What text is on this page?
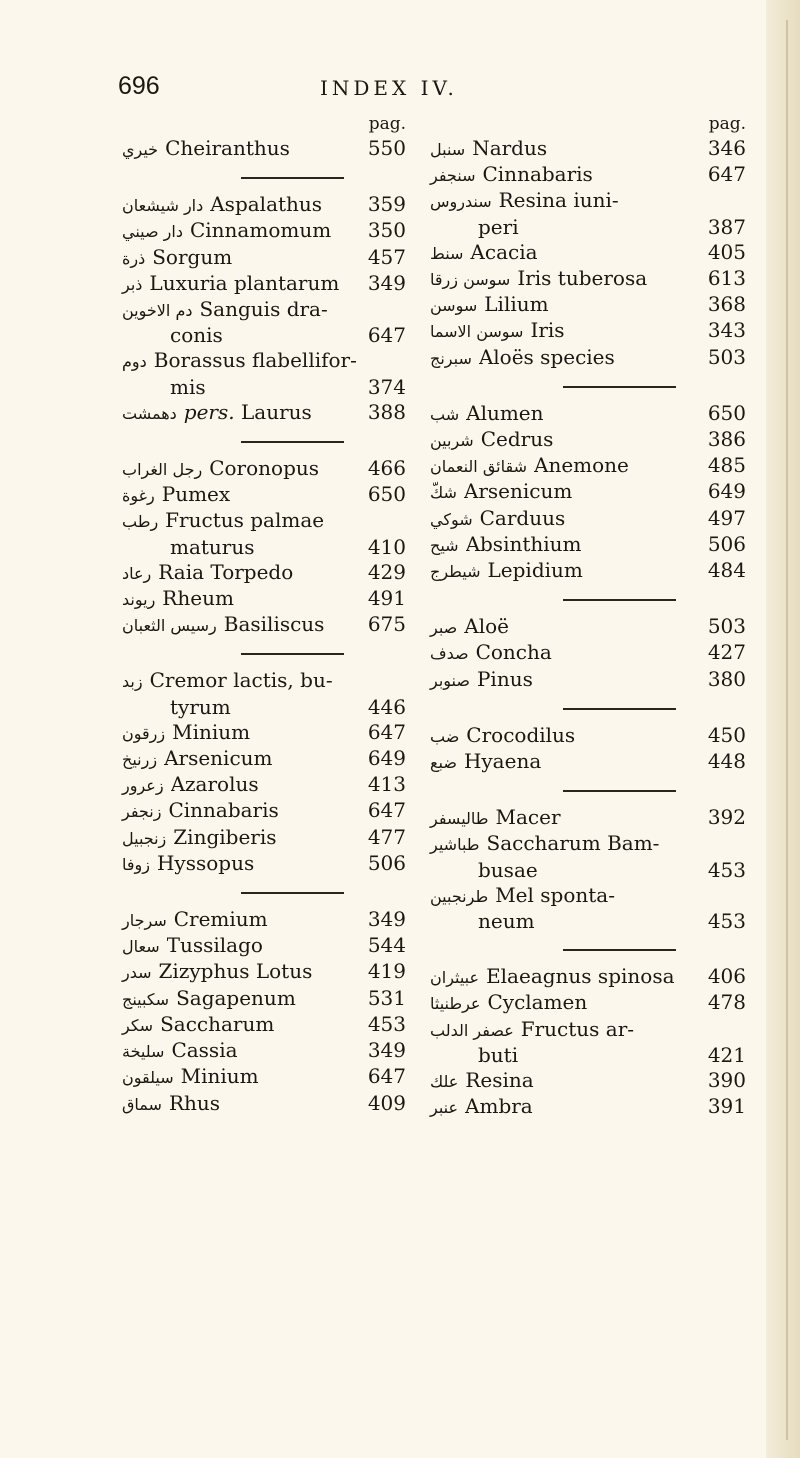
696	INDEX IV.
pag.
خيري Cheiranthus	550
دار شيشعان Aspalathus	359
دار صيني Cinnamomum	350
ذرة Sorgum	457
ذبر Luxuria plantarum	349
دم الاخوين Sanguis dra-
conis	647
دوم Borassus flabellifor-
mis	374
دهمشت pers. Laurus	388
رجل الغراب Coronopus	466
رغوة Pumex	650
رطب Fructus palmae
maturus	410
رعاد Raia Torpedo	429
ريوند Rheum	491
رسيس الثعبان Basiliscus	675
زبد Cremor lactis, bu-
tyrum	446
زرقون Minium	647
زرنيخ Arsenicum	649
زعرور Azarolus	413
زنجفر Cinnabaris	647
زنجبيل Zingiberis	477
زوفا Hyssopus	506
سرجار Cremium	349
سعال Tussilago	544
سدر Zizyphus Lotus	419
سكبينج Sagapenum	531
سكر Saccharum	453
سليخة Cassia	349
سيلقون Minium	647
سماق Rhus	409
pag.
سنبل Nardus	346
سنجفر Cinnabaris	647
سندروس Resina iuni-
peri	387
سنط Acacia	405
سوسن زرقا Iris tuberosa	613
سوسن Lilium	368
سوسن الاسما Iris	343
سبرنج Aloës species	503
شب Alumen	650
شربين Cedrus	386
شقائق النعمان Anemone	485
شكّ Arsenicum	649
شوكي Carduus	497
شيح Absinthium	506
شيطرج Lepidium	484
صبر Aloë	503
صدف Concha	427
صنوبر Pinus	380
ضب Crocodilus	450
ضبع Hyaena	448
طاليسفر Macer	392
طباشير Saccharum Bam-
busae	453
طرنجبين Mel sponta-
neum	453
عبيثران Elaeagnus spinosa	406
عرطنيثا Cyclamen	478
عصفر الدلب Fructus ar-
buti	421
علك Resina	390
عنبر Ambra	391
